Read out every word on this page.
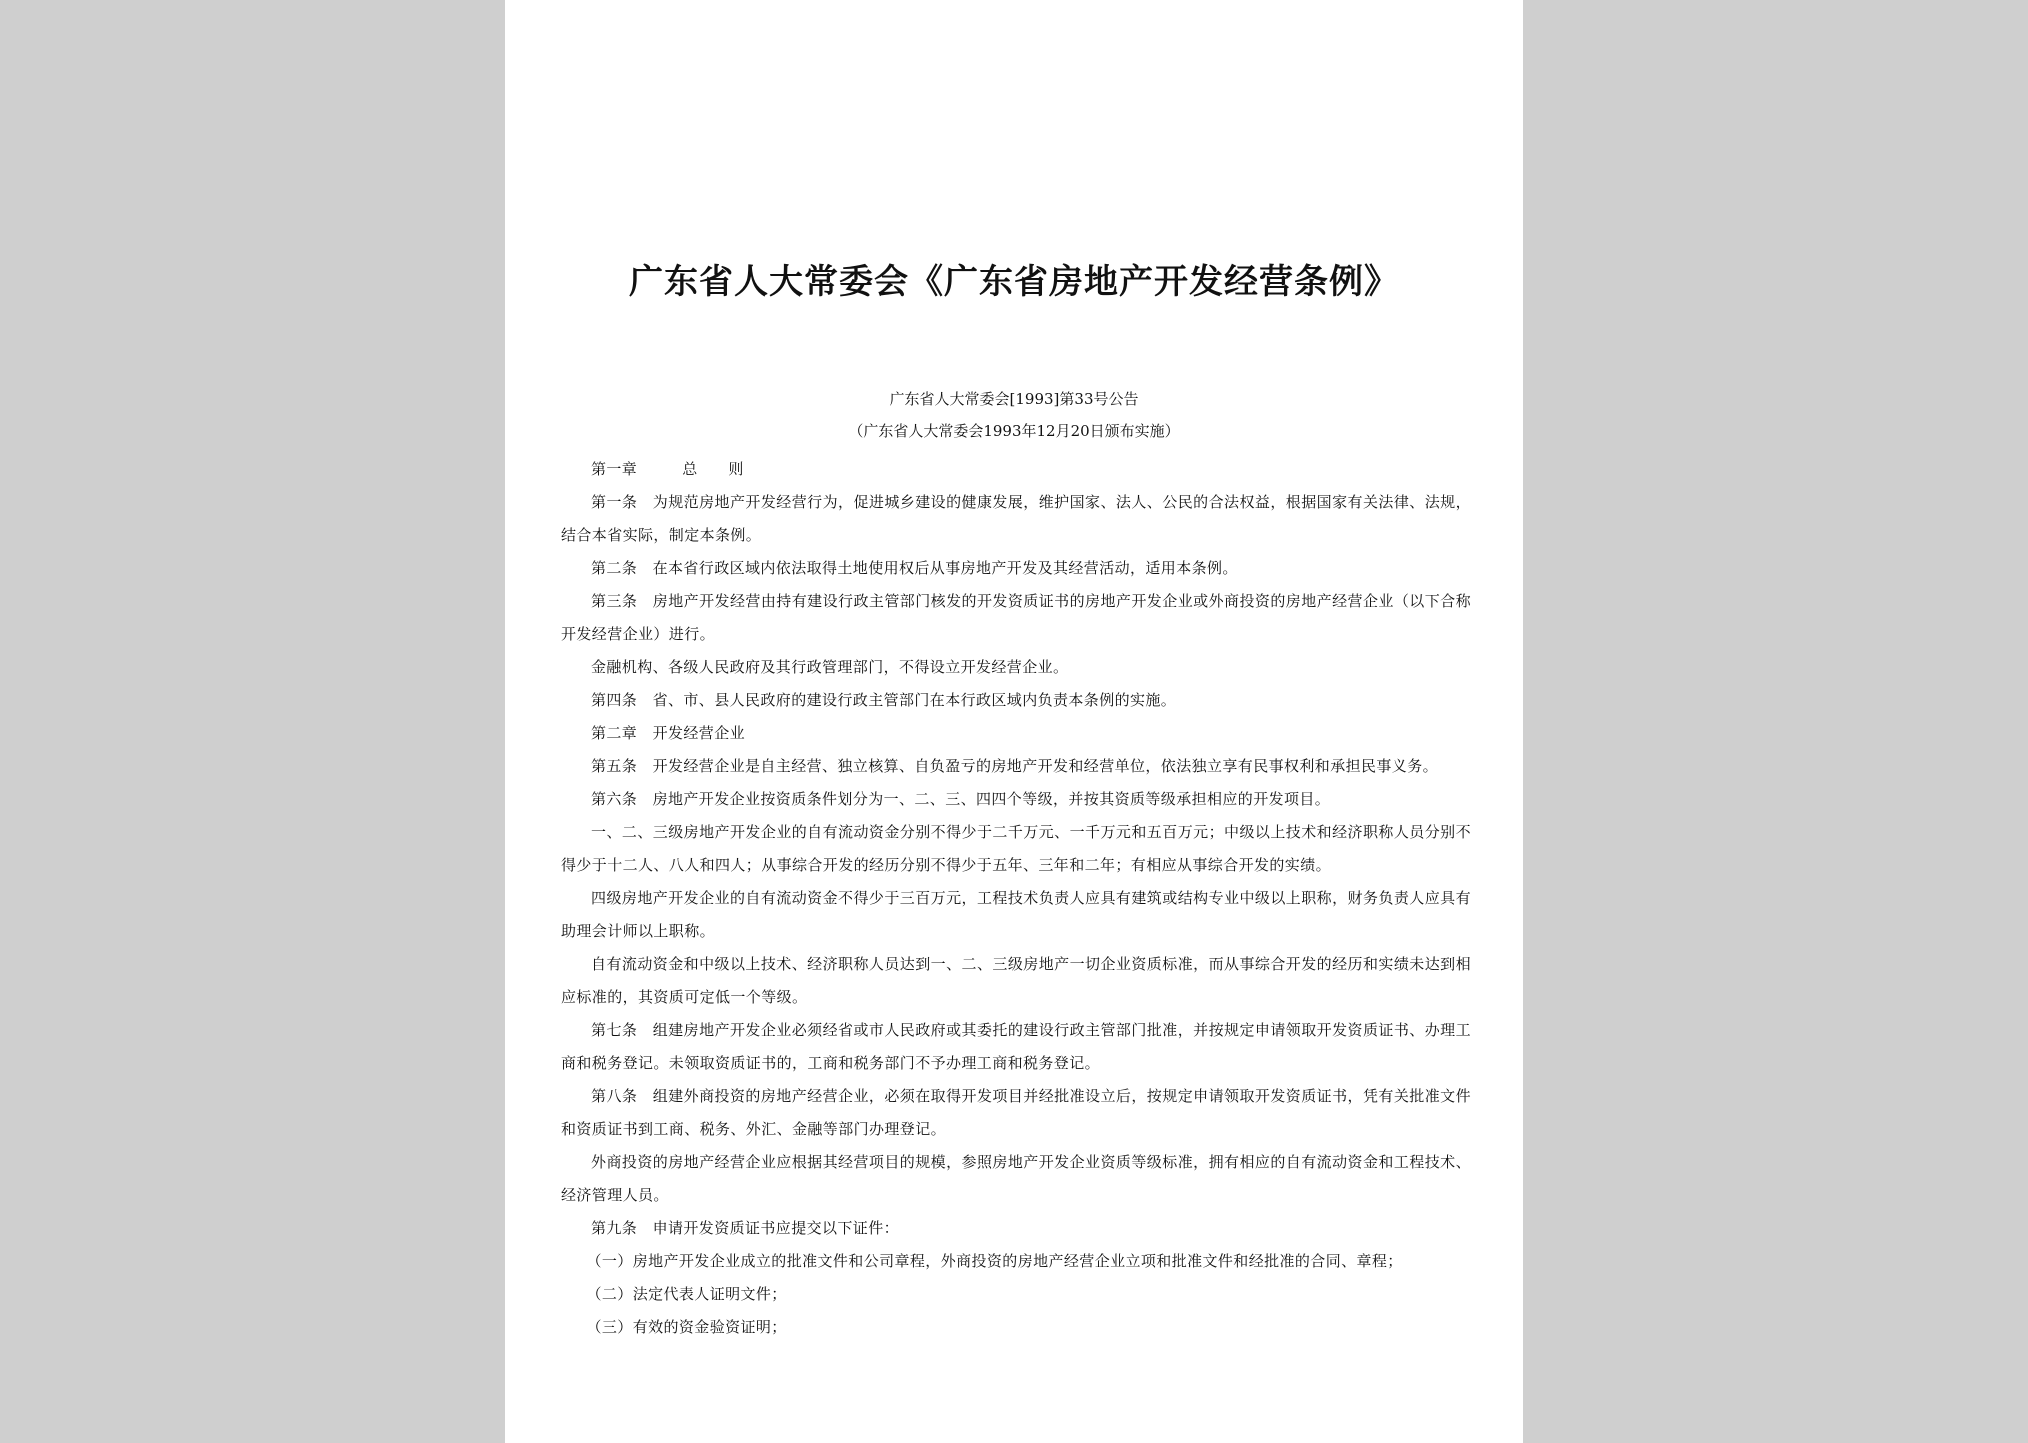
广东省人大常委会《广东省房地产开发经营条例》
广东省人大常委会[1993]第33号公告
（广东省人大常委会1993年12月20日颁布实施）

第一章	总　　则

第一条　为规范房地产开发经营行为，促进城乡建设的健康发展，维护国家、法人、公民的合法权益，根据国家有关法律、法规，结合本省实际，制定本条例。

第二条　在本省行政区域内依法取得土地使用权后从事房地产开发及其经营活动，适用本条例。

第三条　房地产开发经营由持有建设行政主管部门核发的开发资质证书的房地产开发企业或外商投资的房地产经营企业（以下合称开发经营企业）进行。

金融机构、各级人民政府及其行政管理部门，不得设立开发经营企业。

第四条　省、市、县人民政府的建设行政主管部门在本行政区域内负责本条例的实施。

第二章　开发经营企业

第五条　开发经营企业是自主经营、独立核算、自负盈亏的房地产开发和经营单位，依法独立享有民事权利和承担民事义务。

第六条　房地产开发企业按资质条件划分为一、二、三、四四个等级，并按其资质等级承担相应的开发项目。

一、二、三级房地产开发企业的自有流动资金分别不得少于二千万元、一千万元和五百万元；中级以上技术和经济职称人员分别不得少于十二人、八人和四人；从事综合开发的经历分别不得少于五年、三年和二年；有相应从事综合开发的实绩。

四级房地产开发企业的自有流动资金不得少于三百万元，工程技术负责人应具有建筑或结构专业中级以上职称，财务负责人应具有助理会计师以上职称。

自有流动资金和中级以上技术、经济职称人员达到一、二、三级房地产一切企业资质标准，而从事综合开发的经历和实绩未达到相应标准的，其资质可定低一个等级。

第七条　组建房地产开发企业必须经省或市人民政府或其委托的建设行政主管部门批准，并按规定申请领取开发资质证书、办理工商和税务登记。未领取资质证书的，工商和税务部门不予办理工商和税务登记。

第八条　组建外商投资的房地产经营企业，必须在取得开发项目并经批准设立后，按规定申请领取开发资质证书，凭有关批准文件和资质证书到工商、税务、外汇、金融等部门办理登记。

外商投资的房地产经营企业应根据其经营项目的规模，参照房地产开发企业资质等级标准，拥有相应的自有流动资金和工程技术、经济管理人员。

第九条　申请开发资质证书应提交以下证件：

（一）房地产开发企业成立的批准文件和公司章程，外商投资的房地产经营企业立项和批准文件和经批准的合同、章程；

（二）法定代表人证明文件；

（三）有效的资金验资证明；
